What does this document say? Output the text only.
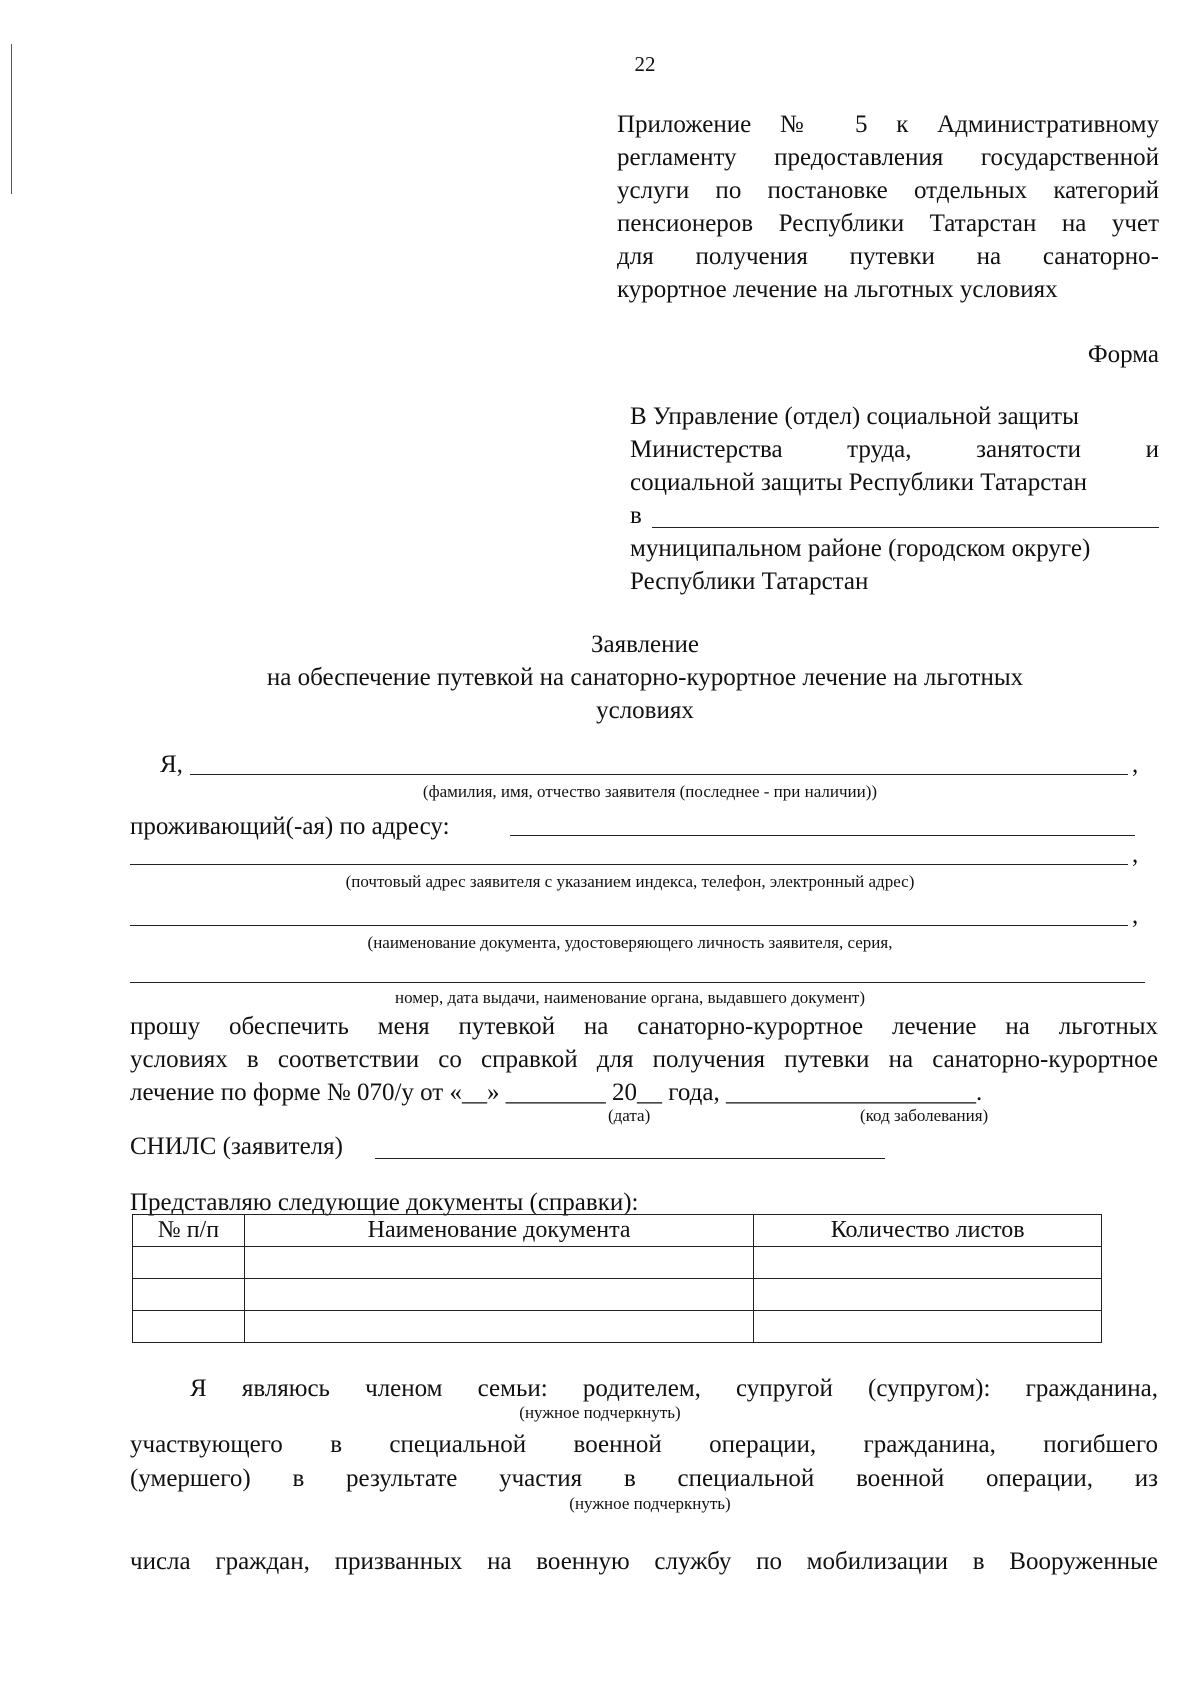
22
Приложение № 5 к Административному
регламенту предоставления государственной
услуги по постановке отдельных категорий
пенсионеров Республики Татарстан на учет
для получения путевки на санаторно-
курортное лечение на льготных условиях
Форма
В Управление (отдел) социальной защиты
Министерства труда, занятости и
социальной защиты Республики Татарстан
в
муниципальном районе (городском округе)
Республики Татарстан
Заявление
на обеспечение путевкой на санаторно-курортное лечение на льготных
условиях
Я,	,
(фамилия, имя, отчество заявителя (последнее - при наличии))
проживающий(-ая) по адресу:
,
(почтовый адрес заявителя с указанием индекса, телефон, электронный адрес)
,
(наименование документа, удостоверяющего личность заявителя, серия,
номер, дата выдачи, наименование органа, выдавшего документ)
прошу обеспечить меня путевкой на санаторно-курортное лечение на льготных
условиях в соответствии со справкой для получения путевки на санаторно-курортное
лечение по форме № 070/у от «__» ________ 20__ года, ____________________.
(дата)	(код заболевания)
СНИЛС (заявителя)
Представляю следующие документы (справки):
№ п/п	Наименование документа	Количество листов

Я являюсь членом семьи: родителем, супругой (супругом): гражданина,
(нужное подчеркнуть)
участвующего в специальной военной операции, гражданина, погибшего
(умершего) в результате участия в специальной военной операции, из
(нужное подчеркнуть)
числа граждан, призванных на военную службу по мобилизации в Вооруженные
